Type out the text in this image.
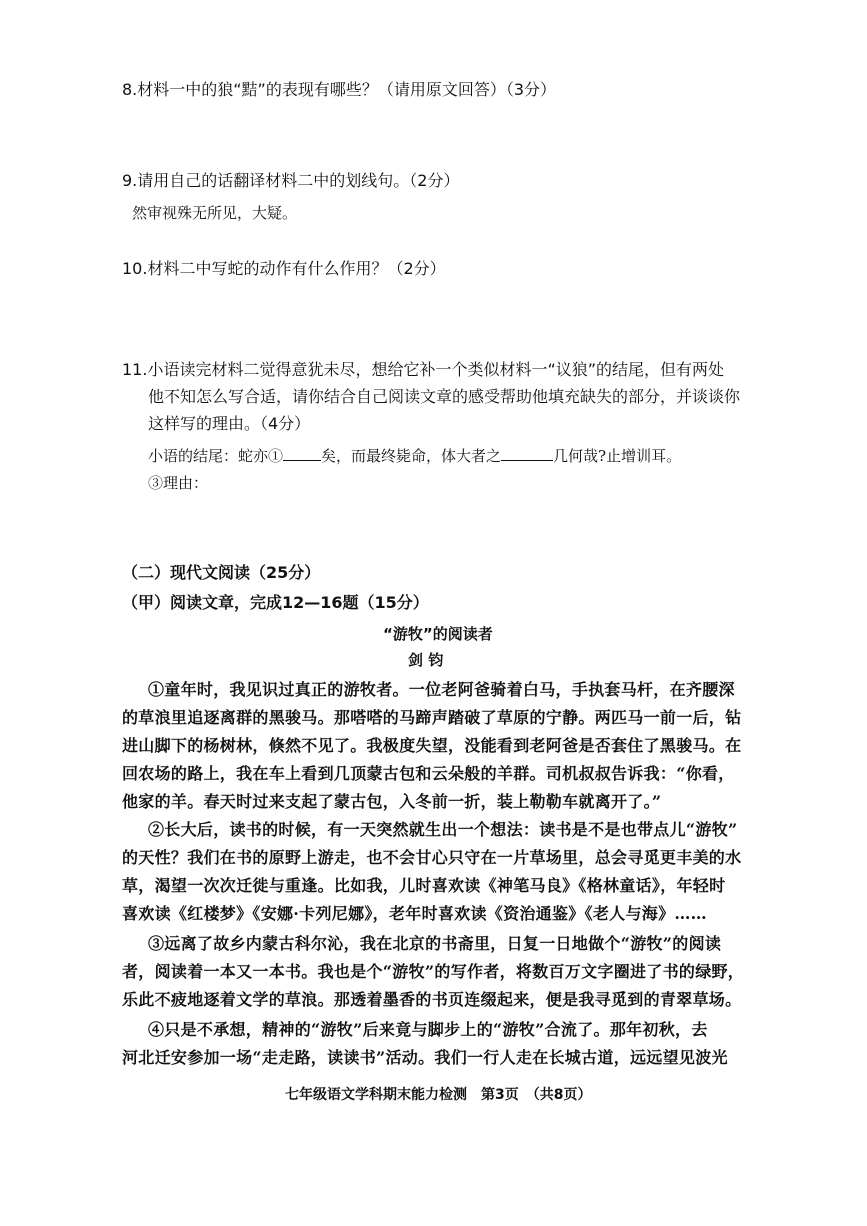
8.材料一中的狼“黠”的表现有哪些？（请用原文回答）（3分）
9.请用自己的话翻译材料二中的划线句。（2分）
然审视殊无所见，大疑。
10.材料二中写蛇的动作有什么作用？（2分）
11.小语读完材料二觉得意犹未尽，想给它补一个类似材料一“议狼”的结尾，但有两处
他不知怎么写合适，请你结合自己阅读文章的感受帮助他填充缺失的部分，并谈谈你
这样写的理由。（4分）
小语的结尾：蛇亦①	矣，而最终毙命，体大者之	几何哉?止增训耳。
③理由：
（二）现代文阅读（25分）
（甲）阅读文章，完成12—16题（15分）
“游牧”的阅读者
剑 钧
①童年时，我见识过真正的游牧者。一位老阿爸骑着白马，手执套马杆，在齐腰深
的草浪里追逐离群的黑骏马。那嗒嗒的马蹄声踏破了草原的宁静。两匹马一前一后，钻
进山脚下的杨树林，倏然不见了。我极度失望，没能看到老阿爸是否套住了黑骏马。在
回农场的路上，我在车上看到几顶蒙古包和云朵般的羊群。司机叔叔告诉我：“你看，
他家的羊。春天时过来支起了蒙古包，入冬前一折，装上勒勒车就离开了。”
②长大后，读书的时候，有一天突然就生出一个想法：读书是不是也带点儿“游牧”
的天性？我们在书的原野上游走，也不会甘心只守在一片草场里，总会寻觅更丰美的水
草，渴望一次次迁徙与重逢。比如我，儿时喜欢读《神笔马良》《格林童话》，年轻时
喜欢读《红楼梦》《安娜·卡列尼娜》，老年时喜欢读《资治通鉴》《老人与海》……
③远离了故乡内蒙古科尔沁，我在北京的书斋里，日复一日地做个“游牧”的阅读
者，阅读着一本又一本书。我也是个“游牧”的写作者，将数百万文字圈进了书的绿野，
乐此不疲地逐着文学的草浪。那透着墨香的书页连缀起来，便是我寻觅到的青翠草场。
④只是不承想，精神的“游牧”后来竟与脚步上的“游牧”合流了。那年初秋，去
河北迁安参加一场“走走路，读读书”活动。我们一行人走在长城古道，远远望见波光
七年级语文学科期末能力检测　第3页　（共8页）
